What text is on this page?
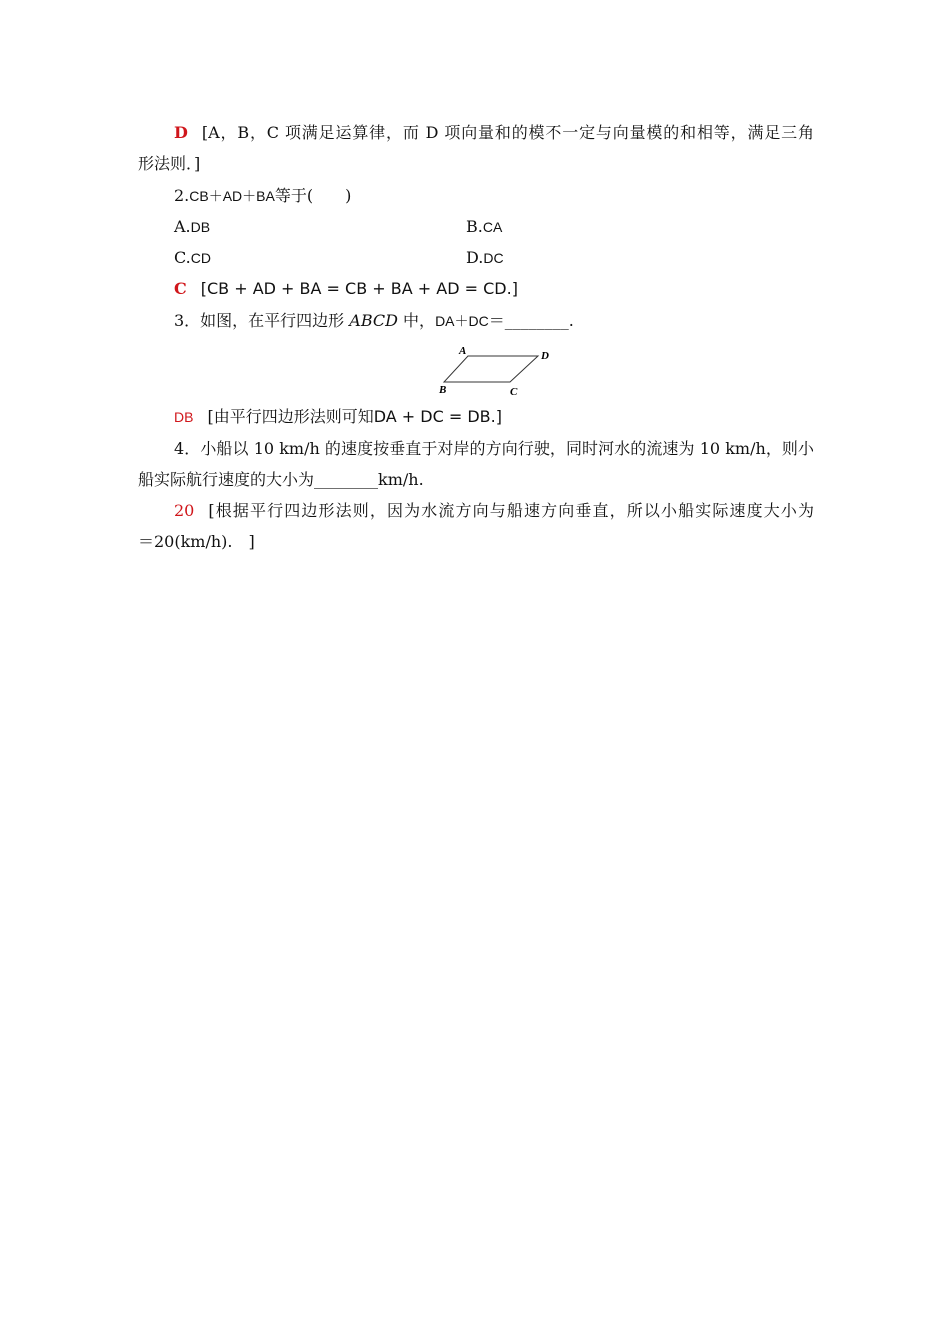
D [A，B，C 项满足运算律，而 D 项向量和的模不一定与向量模的和相等，满足三角
形法则．]
2.CB＋AD＋BA等于(　　)
A.DB	B.CA
C.CD	D.DC
C [CB + AD + BA = CB + BA + AD = CD.]
3．如图，在平行四边形 ABCD 中，DA＋DC＝________.
A	D
B	C
DB [由平行四边形法则可知DA + DC = DB.]
4．小船以 10 km/h 的速度按垂直于对岸的方向行驶，同时河水的流速为 10 km/h，则小
船实际航行速度的大小为________km/h.
20 [根据平行四边形法则，因为水流方向与船速方向垂直，所以小船实际速度大小为
＝20(km/h).　]
